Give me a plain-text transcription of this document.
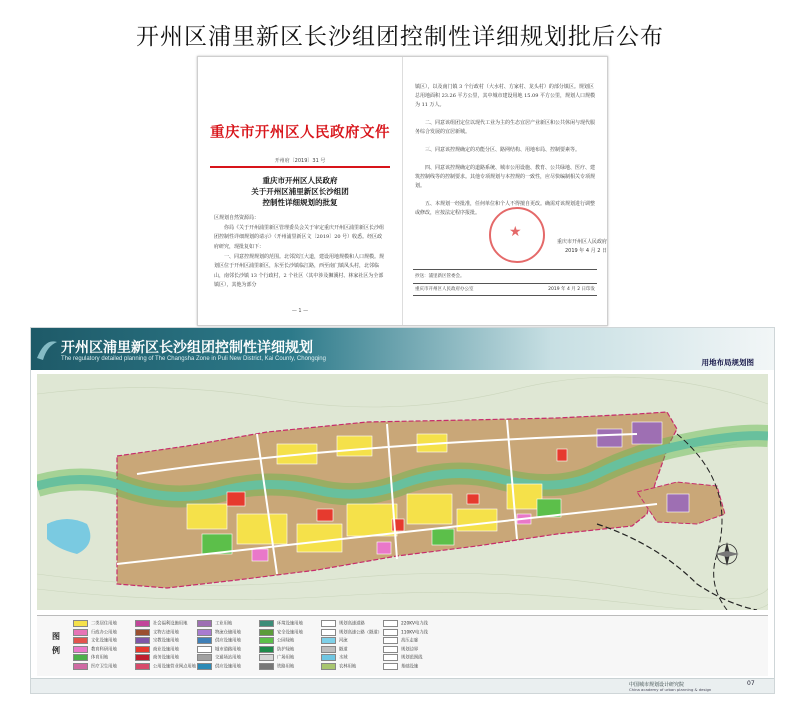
开州区浦里新区长沙组团控制性详细规划批后公布
重庆市开州区人民政府文件
开州府〔2019〕31 号
重庆市开州区人民政府
关于开州区浦里新区长沙组团
控制性详细规划的批复
区规划自然资源局：
你局《关于开州浦里新区管理委员会关于审定重庆开州区浦里新区长沙组团控制性详细规划的请示》（开州浦里新区文〔2019〕20 号）收悉。经区政府研究，现批复如下：
一、同意控规规划的范围。北邻滨江大道，建设用地规模和人口规模。规划区位于开州区浦里新区，东至长沙镇临江路，西至南门镇凤头村，北邻临山，南邻长沙镇 13 个行政村，2 个社区（其中涉及狮溪村、林家社区为全部镇区），其他为部分
— 1 —
镇区），以及南门镇 3 个行政村（大水村、方家村、龙头村）的部分镇区。规划区总用地面积 23.26 平方公里，其中城市建设用地 15.09 平方公里，规划人口规模为 11 万人。
二、同意该组团定位以现代工业为主的生态宜居产业新区和公共休闲与现代服务综合发展的宜居新城。
三、同意该控规确定的功能分区、路网结构、用地布局、控制要素等。
四、同意该控规确定的道路系统、城市公用设施、教育、公共绿地、医疗、建筑控制线等的控制要求。其他专项规划与本控规的一致性，应尽快编制相关专项规划。
五、本规划一经批准，任何单位和个人不得擅自更改。确需对该规划进行调整或修改，应按法定程序报批。
★
重庆市开州区人民政府
2019 年 4 月 2 日
抄送：浦里新区管委会。
重庆市开州区人民政府办公室	2019 年 4 月 2 日印发
开州区浦里新区长沙组团控制性详细规划
The regulatory detailed planning of The Changsha Zone in Puli New District, Kai County, Chongqing	用地布局规划图
图例
二类居住用地
行政办公用地
文化设施用地
教育科研用地
体育用地
医疗卫生用地
社会福利设施用地
文物古迹用地
宗教设施用地
商业设施用地
商务设施用地
公用设施营业网点用地
工业用地
物流仓储用地
供应设施用地
城市道路用地
交通场站用地
供应设施用地
环境设施用地
安全设施用地
公园绿地
防护绿地
广场用地
铁路用地
规划高速道路
规划高速公路（隧道）
河流
隧道
水域
农林用地
220KV电力线
110KV电力线
高压走廊
规划边界
规划范围线
基础设施
中国城市规划设计研究院
China academy of urban planning & design
07
